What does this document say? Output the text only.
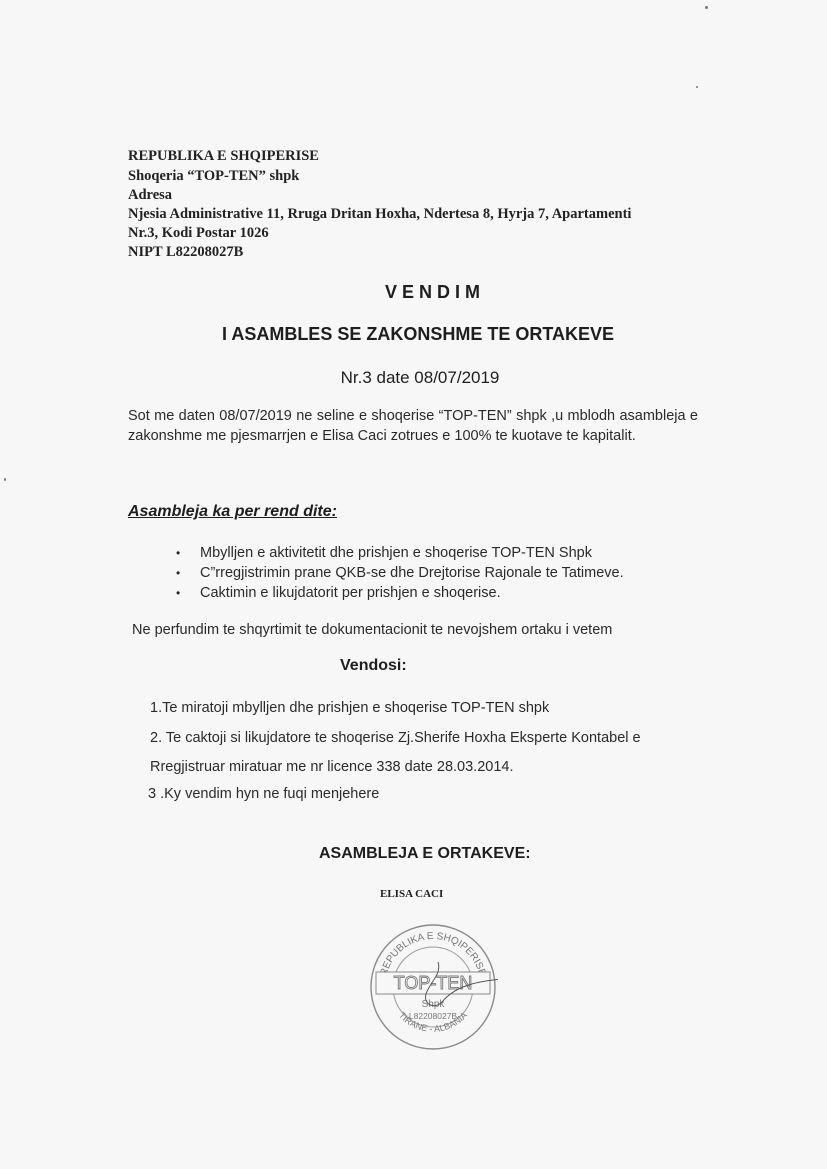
REPUBLIKA E SHQIPERISE
Shoqeria “TOP-TEN” shpk
Adresa
Njesia Administrative 11, Rruga Dritan Hoxha, Ndertesa 8, Hyrja 7, Apartamenti
Nr.3, Kodi Postar 1026
NIPT L82208027B
VENDIM
I ASAMBLES SE ZAKONSHME TE ORTAKEVE
Nr.3 date 08/07/2019
Sot me daten 08/07/2019 ne seline e shoqerise “TOP-TEN” shpk ,u mblodh asambleja e zakonshme me pjesmarrjen e Elisa Caci zotrues e 100% te kuotave te kapitalit.
Asambleja ka per rend dite:
• Mbylljen e aktivitetit dhe prishjen e shoqerise TOP-TEN Shpk
• C”rregjistrimin prane QKB-se dhe Drejtorise Rajonale te Tatimeve.
• Caktimin e likujdatorit per prishjen e shoqerise.
Ne perfundim te shqyrtimit te dokumentacionit te nevojshem ortaku i vetem
Vendosi:
1.Te miratoji mbylljen dhe prishjen e shoqerise TOP-TEN shpk
2. Te caktoji si likujdatore te shoqerise Zj.Sherife Hoxha Eksperte Kontabel e
Rregjistruar miratuar me nr licence 338 date 28.03.2014.
3 .Ky vendim hyn ne fuqi menjehere
ASAMBLEJA E ORTAKEVE:
ELISA CACI
EPUBLIKA E SHQIPERIS
TIRANE - ALBANIA
TOP-TEN
Shpk
L82208027B
